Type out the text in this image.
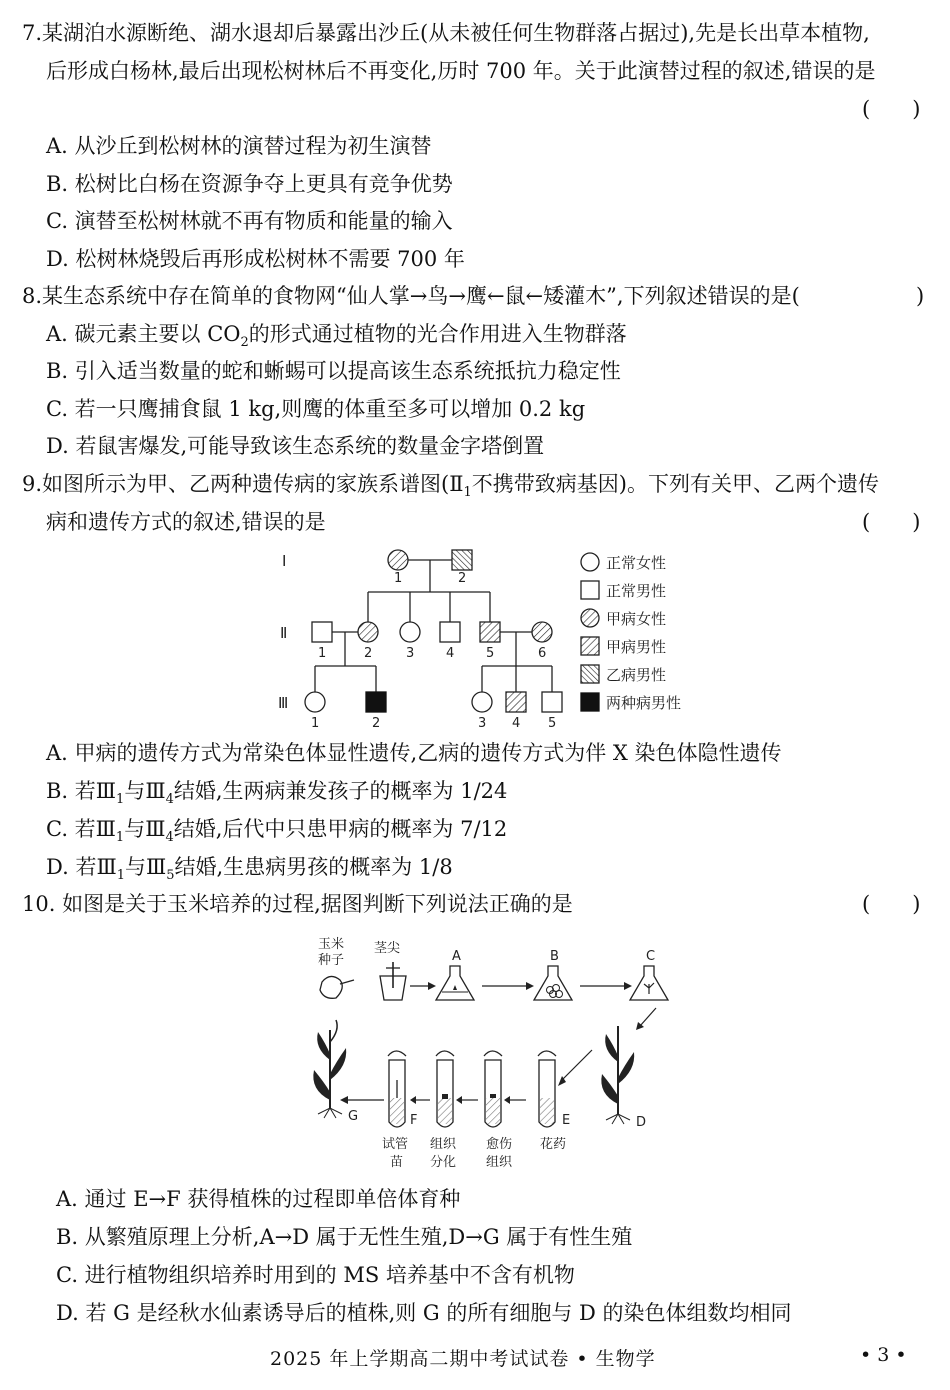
7.某湖泊水源断绝、湖水退却后暴露出沙丘(从未被任何生物群落占据过),先是长出草本植物,
后形成白杨林,最后出现松树林后不再变化,历时 700 年。关于此演替过程的叙述,错误的是
(　　)
A. 从沙丘到松树林的演替过程为初生演替
B. 松树比白杨在资源争夺上更具有竞争优势
C. 演替至松树林就不再有物质和能量的输入
D. 松树林烧毁后再形成松树林不需要 700 年
8.某生态系统中存在简单的食物网“仙人掌→鸟→鹰←鼠←矮灌木”,下列叙述错误的是(	)
A. 碳元素主要以 $CO_2$的形式通过植物的光合作用进入生物群落
B. 引入适当数量的蛇和蜥蜴可以提高该生态系统抵抗力稳定性
C. 若一只鹰捕食鼠 1 kg,则鹰的体重至多可以增加 0.2 kg
D. 若鼠害爆发,可能导致该生态系统的数量金字塔倒置
9.如图所示为甲、乙两种遗传病的家族系谱图($Ⅱ_1$不携带致病基因)。下列有关甲、乙两个遗传
病和遗传方式的叙述,错误的是	(　　)
Ⅰ
Ⅱ
Ⅲ
1	2
1	2	3 4 5	6
1	2	3 4 5
正常女性
正常男性
甲病女性
甲病男性
乙病男性
两种病男性
A. 甲病的遗传方式为常染色体显性遗传,乙病的遗传方式为伴 X 染色体隐性遗传
B. 若$Ⅲ_1$与$Ⅲ_4$结婚,生两病兼发孩子的概率为 1/24
C. 若$Ⅲ_1$与$Ⅲ_4$结婚,后代中只患甲病的概率为 7/12
D. 若$Ⅲ_1$与$Ⅲ_5$结婚,生患病男孩的概率为 1/8
10. 如图是关于玉米培养的过程,据图判断下列说法正确的是	(　　)
玉米
种子
茎尖
A	B	C
G	F	E	D
试管 组织 愈伤 花药
苗 分化 组织
A. 通过 E→F 获得植株的过程即单倍体育种
B. 从繁殖原理上分析,A→D 属于无性生殖,D→G 属于有性生殖
C. 进行植物组织培养时用到的 MS 培养基中不含有机物
D. 若 G 是经秋水仙素诱导后的植株,则 G 的所有细胞与 D 的染色体组数均相同
2025 年上学期高二期中考试试卷 • 生物学	• 3 •
